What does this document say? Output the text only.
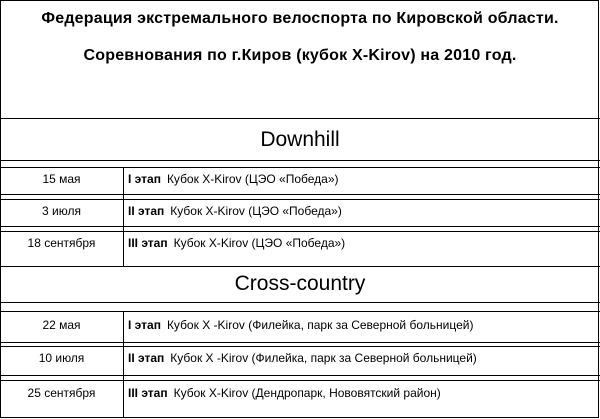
Федерация экстремального велоспорта по Кировской области.
Соревнования по г.Киров (кубок X-Kirov) на 2010 год.
Downhill
15 мая	I этап Кубок X-Kirov (ЦЭО «Победа»)
3 июля	II этап Кубок X-Kirov (ЦЭО «Победа»)
18 сентября	III этап Кубок X-Kirov (ЦЭО «Победа»)
Cross-country
22 мая	I этап Кубок X -Kirov (Филейка, парк за Северной больницей)
10 июля	II этап Кубок X -Kirov (Филейка, парк за Северной больницей)
25 сентября	III этап Кубок X-Kirov (Дендропарк, Нововятский район)
